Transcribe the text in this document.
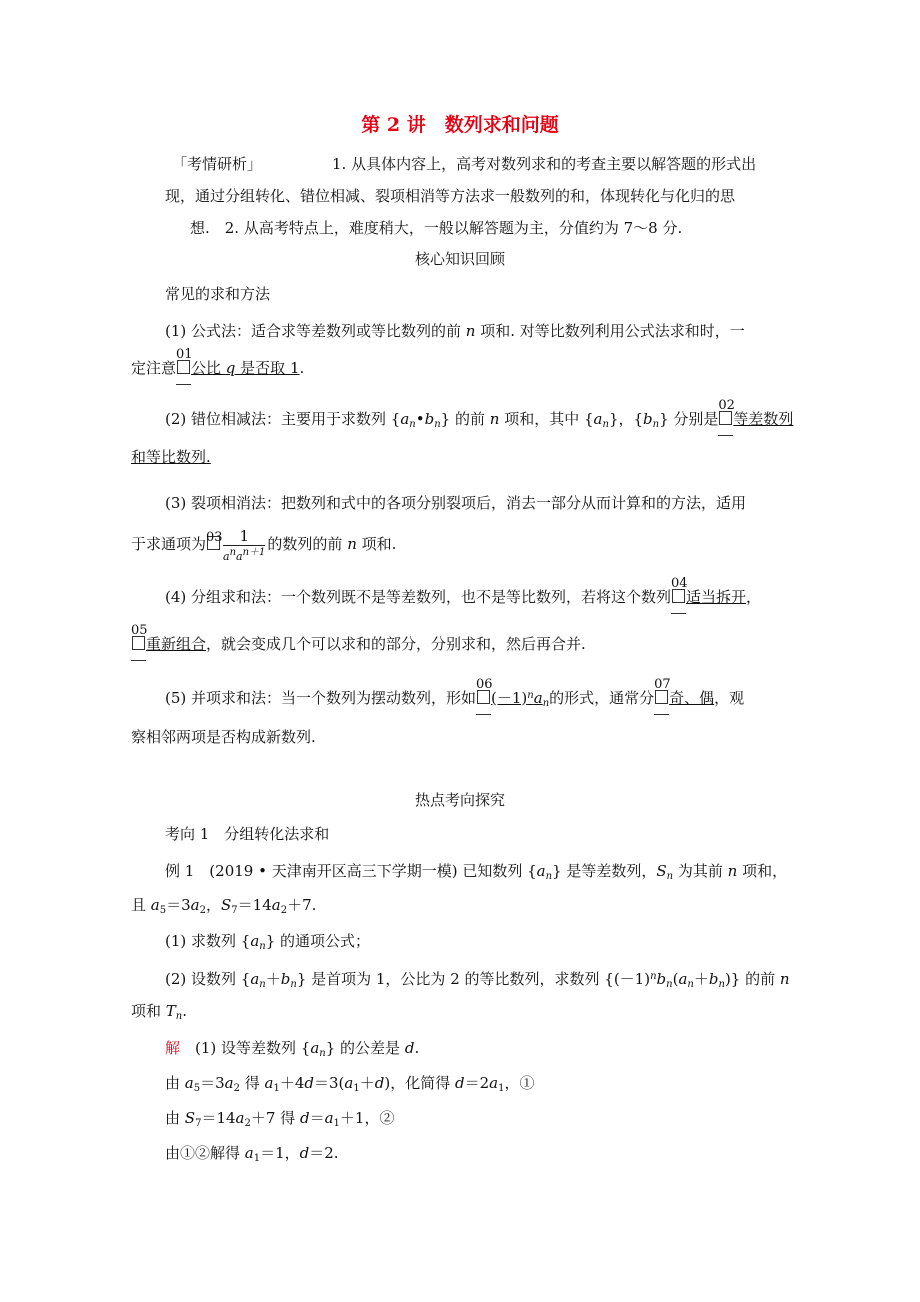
第 2 讲　数列求和问题
「考情研析」	1. 从具体内容上，高考对数列求和的考查主要以解答题的形式出
现，通过分组转化、错位相减、裂项相消等方法求一般数列的和，体现转化与化归的思
想.　2. 从高考特点上，难度稍大，一般以解答题为主，分值约为 7～8 分.
核心知识回顾
常见的求和方法
(1) 公式法：适合求等差数列或等比数列的前 n 项和. 对等比数列利用公式法求和时，一
定注意
01
公比 q 是否取 1.
(2) 错位相减法：主要用于求数列 $\{a_n•b_n\}$ 的前 n 项和，其中 $\{a_n\}$，$\{b_n\}$ 分别是
02
等差数列
和等比数列.
(3) 裂项相消法：把数列和式中的各项分别裂项后，消去一部分从而计算和的方法，适用
于求通项为 $03 \frac{1}{a^na^{n+1}}$ 的数列的前 n 项和.
(4) 分组求和法：一个数列既不是等差数列，也不是等比数列，若将这个数列
04
适当拆开，
05
重新组合，就会变成几个可以求和的部分，分别求和，然后再合并.
(5) 并项求和法：当一个数列为摆动数列，形如
06
$(-1)^na_n$的形式，通常分
07
奇、偶，观
察相邻两项是否构成新数列.
热点考向探究
考向 1　分组转化法求和
例 1　(2019 • 天津南开区高三下学期一模) 已知数列 $\{a_n\}$ 是等差数列，$S_n$ 为其前 n 项和，
且 $a_5=3a_2$，$S_7=14a_2+7$.
(1) 求数列 $\{a_n\}$ 的通项公式；
(2) 设数列 $\{a_n+b_n\}$ 是首项为 1，公比为 2 的等比数列，求数列 $\{(-1)^nb_n(a_n+b_n)\}$ 的前 n
项和 $T_n$.
解　(1) 设等差数列 $\{a_n\}$ 的公差是 d.
由 $a_5=3a_2$ 得 $a_1+4d=3(a_1+d)$，化简得 $d=2a_1$，①
由 $S_7=14a_2+7$ 得 $d=a_1+1$，②
由①②解得 $a_1=1$，d＝2.
